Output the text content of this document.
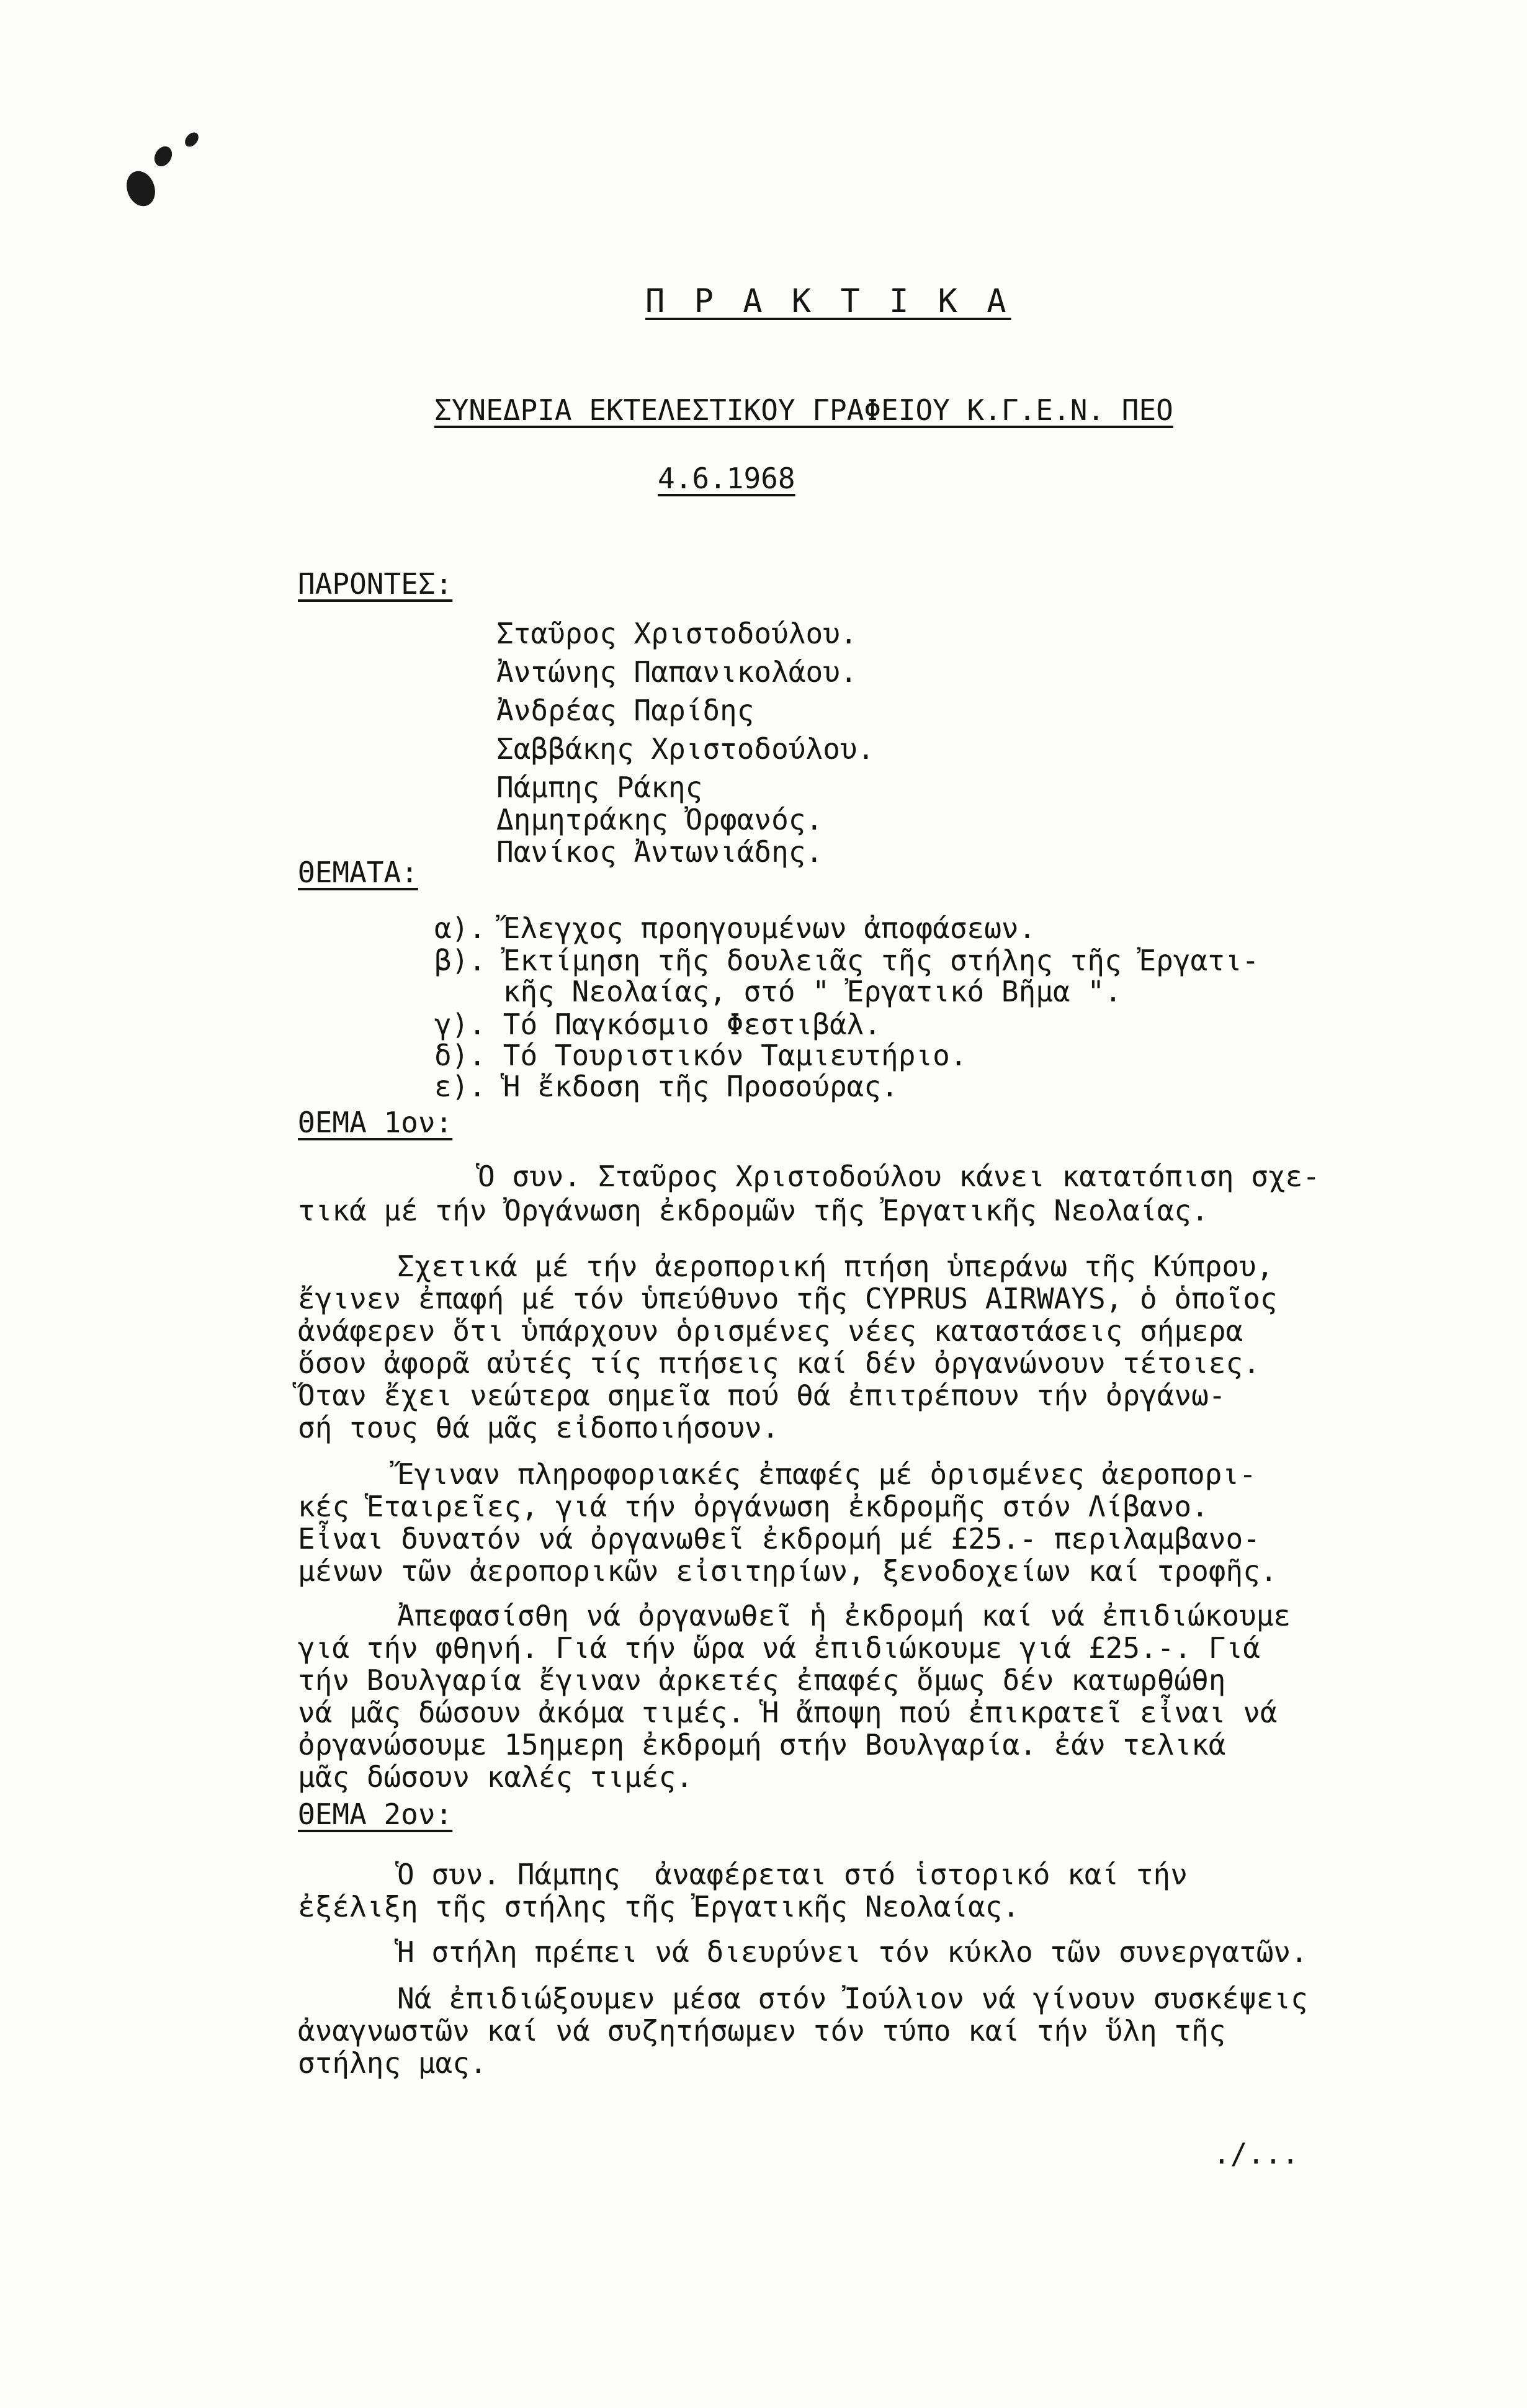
Π Ρ Α Κ Τ Ι Κ Α
ΣΥΝΕΔΡΙΑ ΕΚΤΕΛΕΣΤΙΚΟΥ ΓΡΑΦΕΙΟΥ Κ.Γ.Ε.Ν. ΠΕΟ
4.6.1968
ΠΑΡΟΝΤΕΣ:
Σταῦρος Χριστοδούλου.
Ἀντώνης Παπανικολάου.
Ἀνδρέας Παρίδης
Σαββάκης Χριστοδούλου.
Πάμπης Ράκης
Δημητράκης Ὀρφανός.
Πανίκος Ἀντωνιάδης.
ΘΕΜΑΤΑ:
α). Ἔλεγχος προηγουμένων ἀποφάσεων.
β). Ἐκτίμηση τῆς δουλειᾶς τῆς στήλης τῆς Ἐργατι-
κῆς Νεολαίας, στό " Ἐργατικό Βῆμα ".
γ). Τό Παγκόσμιο Φεστιβάλ.
δ). Τό Τουριστικόν Ταμιευτήριο.
ε). Ἡ ἔκδοση τῆς Προσούρας.
ΘΕΜΑ 1ον:
Ὁ συν. Σταῦρος Χριστοδούλου κάνει κατατόπιση σχε-
τικά μέ τήν Ὀργάνωση ἐκδρομῶν τῆς Ἐργατικῆς Νεολαίας.
Σχετικά μέ τήν ἀεροπορική πτήση ὑπεράνω τῆς Κύπρου,
ἔγινεν ἐπαφή μέ τόν ὑπεύθυνο τῆς CYPRUS AIRWAYS, ὁ ὁποῖος
ἀνάφερεν ὅτι ὑπάρχουν ὁρισμένες νέες καταστάσεις σήμερα
ὅσον ἀφορᾶ αὐτές τίς πτήσεις καί δέν ὀργανώνουν τέτοιες.
Ὅταν ἔχει νεώτερα σημεῖα πού θά ἐπιτρέπουν τήν ὀργάνω-
σή τους θά μᾶς εἰδοποιήσουν.
Ἔγιναν πληροφοριακές ἐπαφές μέ ὁρισμένες ἀεροπορι-
κές Ἑταιρεῖες, γιά τήν ὀργάνωση ἐκδρομῆς στόν Λίβανο.
Εἶναι δυνατόν νά ὀργανωθεῖ ἐκδρομή μέ £25.- περιλαμβανο-
μένων τῶν ἀεροπορικῶν εἰσιτηρίων, ξενοδοχείων καί τροφῆς.
Ἀπεφασίσθη νά ὀργανωθεῖ ἡ ἐκδρομή καί νά ἐπιδιώκουμε
γιά τήν φθηνή. Γιά τήν ὥρα νά ἐπιδιώκουμε γιά £25.-. Γιά
τήν Βουλγαρία ἔγιναν ἀρκετές ἐπαφές ὅμως δέν κατωρθώθη
νά μᾶς δώσουν ἀκόμα τιμές. Ἡ ἄποψη πού ἐπικρατεῖ εἶναι νά
ὀργανώσουμε 15ημερη ἐκδρομή στήν Βουλγαρία. ἐάν τελικά
μᾶς δώσουν καλές τιμές.
ΘΕΜΑ 2ον:
Ὁ συν. Πάμπης  ἀναφέρεται στό ἱστορικό καί τήν
ἐξέλιξη τῆς στήλης τῆς Ἐργατικῆς Νεολαίας.
Ἡ στήλη πρέπει νά διευρύνει τόν κύκλο τῶν συνεργατῶν.
Νά ἐπιδιώξουμεν μέσα στόν Ἰούλιον νά γίνουν συσκέψεις
ἀναγνωστῶν καί νά συζητήσωμεν τόν τύπο καί τήν ὕλη τῆς
στήλης μας.
./...
